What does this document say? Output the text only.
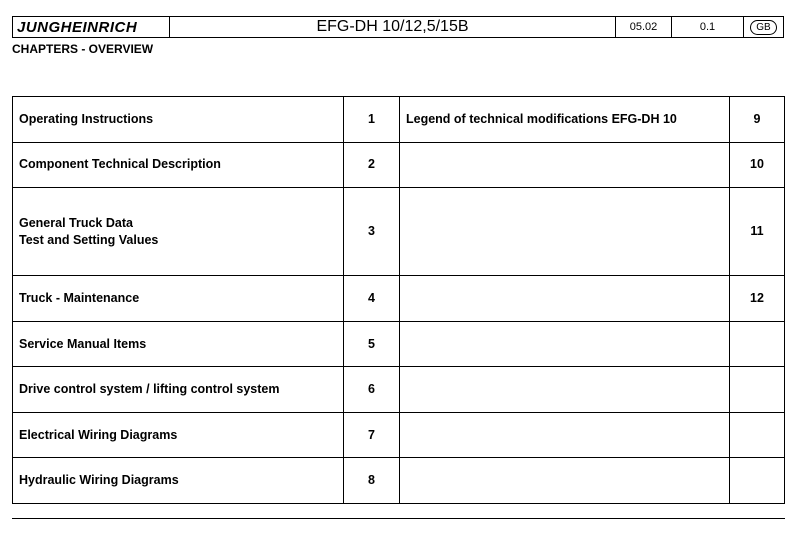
JUNGHEINRICH	EFG-DH 10/12,5/15B	05.02	0.1	GB
CHAPTERS - OVERVIEW
Operating Instructions	1	Legend of technical modifications EFG-DH 10	9

Component Technical Description	2		10

General Truck Data
Test and Setting Values	3		11

Truck - Maintenance	4		12

Service Manual Items	5		

Drive control system / lifting control system	6		

Electrical Wiring Diagrams	7		

Hydraulic Wiring Diagrams	8		
